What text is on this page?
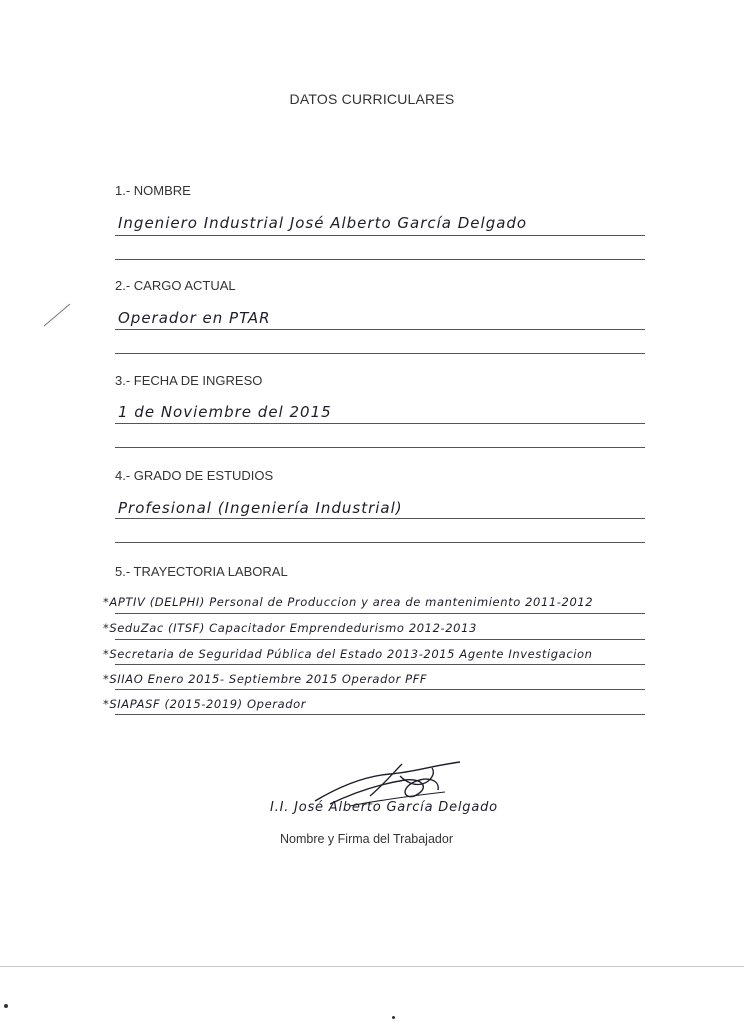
DATOS CURRICULARES
1.- NOMBRE
Ingeniero Industrial José Alberto García Delgado
2.- CARGO ACTUAL
Operador en PTAR
3.- FECHA DE INGRESO
1 de Noviembre del 2015
4.- GRADO DE ESTUDIOS
Profesional (Ingeniería Industrial)
5.- TRAYECTORIA LABORAL
*APTIV (DELPHI) Personal de Produccion y area de mantenimiento 2011-2012
*SeduZac (ITSF) Capacitador Emprendedurismo 2012-2013
*Secretaria de Seguridad Pública del Estado 2013-2015 Agente Investigacion
*SIIAO Enero 2015- Septiembre 2015 Operador PFF
*SIAPASF (2015-2019) Operador
I.I. José Alberto García Delgado
Nombre y Firma del Trabajador
